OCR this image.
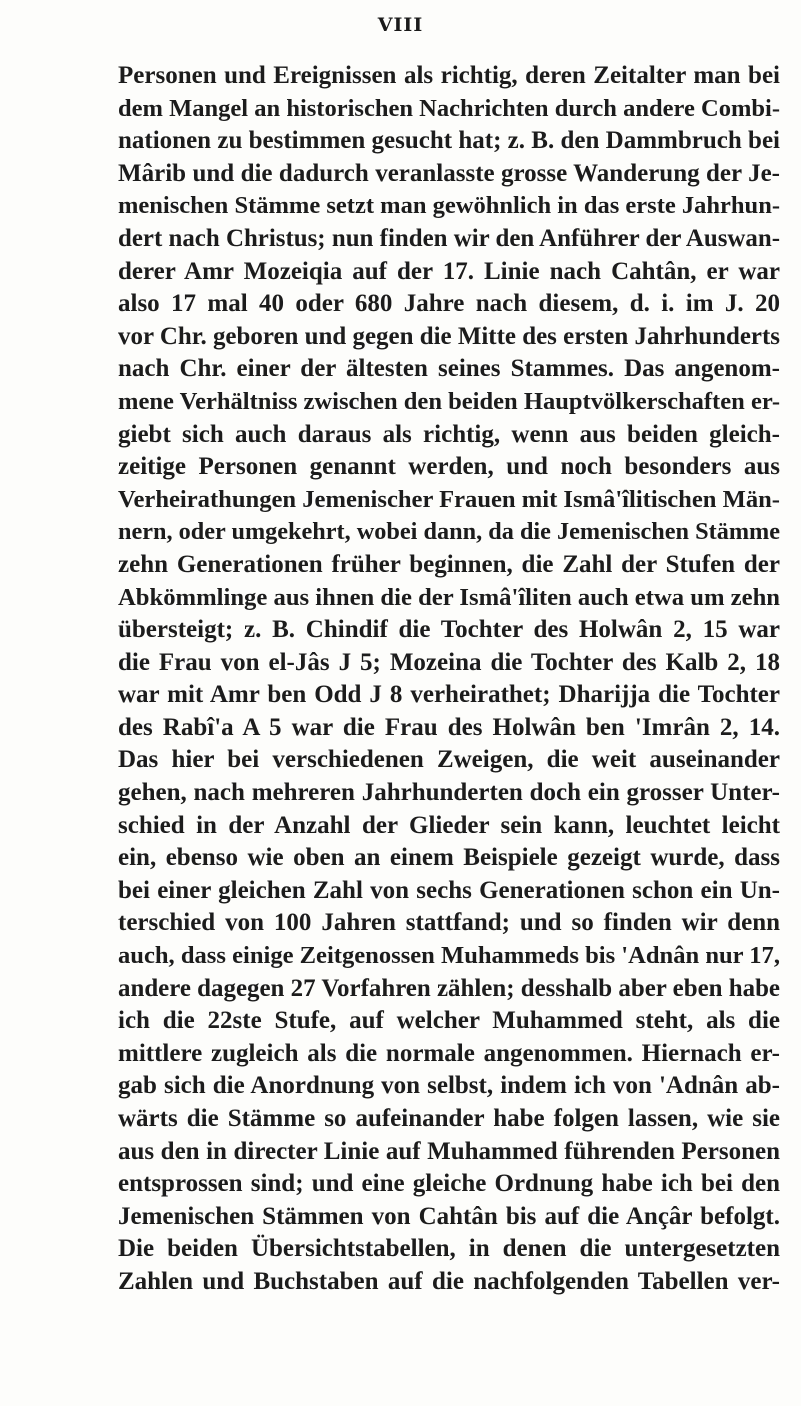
VIII
Personen und Ereignissen als richtig, deren Zeitalter man bei
dem Mangel an historischen Nachrichten durch andere Combi-
nationen zu bestimmen gesucht hat; z. B. den Dammbruch bei
Mârib und die dadurch veranlasste grosse Wanderung der Je-
menischen Stämme setzt man gewöhnlich in das erste Jahrhun-
dert nach Christus; nun finden wir den Anführer der Auswan-
derer Amr Mozeiqia auf der 17. Linie nach Cahtân, er war
also 17 mal 40 oder 680 Jahre nach diesem, d. i. im J. 20
vor Chr. geboren und gegen die Mitte des ersten Jahrhunderts
nach Chr. einer der ältesten seines Stammes. Das angenom-
mene Verhältniss zwischen den beiden Hauptvölkerschaften er-
giebt sich auch daraus als richtig, wenn aus beiden gleich-
zeitige Personen genannt werden, und noch besonders aus
Verheirathungen Jemenischer Frauen mit Ismâ'îlitischen Män-
nern, oder umgekehrt, wobei dann, da die Jemenischen Stämme
zehn Generationen früher beginnen, die Zahl der Stufen der
Abkömmlinge aus ihnen die der Ismâ'îliten auch etwa um zehn
übersteigt; z. B. Chindif die Tochter des Holwân 2, 15 war
die Frau von el-Jâs J 5; Mozeina die Tochter des Kalb 2, 18
war mit Amr ben Odd J 8 verheirathet; Dharijja die Tochter
des Rabî'a A 5 war die Frau des Holwân ben 'Imrân 2, 14.
Das hier bei verschiedenen Zweigen, die weit auseinander
gehen, nach mehreren Jahrhunderten doch ein grosser Unter-
schied in der Anzahl der Glieder sein kann, leuchtet leicht
ein, ebenso wie oben an einem Beispiele gezeigt wurde, dass
bei einer gleichen Zahl von sechs Generationen schon ein Un-
terschied von 100 Jahren stattfand; und so finden wir denn
auch, dass einige Zeitgenossen Muhammeds bis 'Adnân nur 17,
andere dagegen 27 Vorfahren zählen; desshalb aber eben habe
ich die 22ste Stufe, auf welcher Muhammed steht, als die
mittlere zugleich als die normale angenommen. Hiernach er-
gab sich die Anordnung von selbst, indem ich von 'Adnân ab-
wärts die Stämme so aufeinander habe folgen lassen, wie sie
aus den in directer Linie auf Muhammed führenden Personen
entsprossen sind; und eine gleiche Ordnung habe ich bei den
Jemenischen Stämmen von Cahtân bis auf die Ançâr befolgt.
Die beiden Übersichtstabellen, in denen die untergesetzten
Zahlen und Buchstaben auf die nachfolgenden Tabellen ver-
